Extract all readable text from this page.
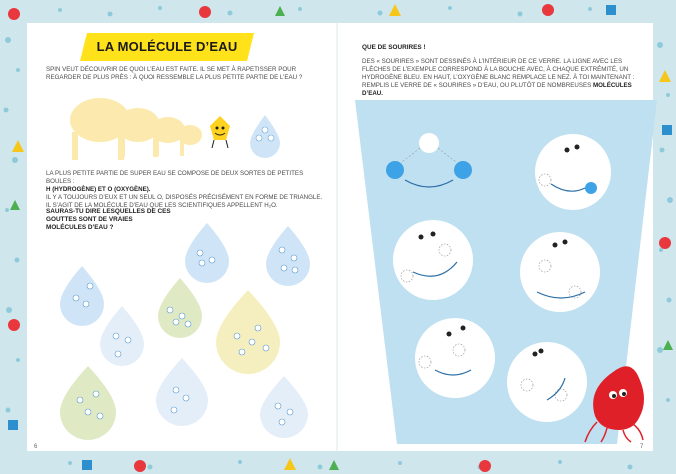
LA MOLÉCULE D’EAU
SPIN VEUT DÉCOUVRIR DE QUOI L’EAU EST FAITE. IL SE MET À RAPETISSER POUR REGARDER DE PLUS PRÈS : À QUOI RESSEMBLE LA PLUS PETITE PARTIE DE L’EAU ?
LA PLUS PETITE PARTIE DE SUPER EAU SE COMPOSE DE DEUX SORTES DE PETITES BOULES :
H (HYDROGÈNE) ET O (OXYGÈNE).
IL Y A TOUJOURS D’EUX ET UN SEUL O, DISPOSÉS PRÉCISÉMENT EN FORME DE TRIANGLE.
IL S’AGIT DE LA MOLÉCULE D’EAU QUE LES SCIENTIFIQUES APPELLENT H₂O.
SAURAS-TU DIRE LESQUELLES DE CES GOUTTES SONT DE VRAIES MOLÉCULES D’EAU ?
6
QUE DE SOURIRES !
DES « SOURIRES » SONT DESSINÉS À L’INTÉRIEUR DE CE VERRE. LA LIGNE AVEC LES FLÈCHES DE L’EXEMPLE CORRESPOND À LA BOUCHE AVEC, À CHAQUE EXTRÉMITÉ, UN HYDROGÈNE BLEU. EN HAUT, L’OXYGÈNE BLANC REMPLACE LE NEZ. À TOI MAINTENANT : REMPLIS LE VERRE DE « SOURIRES » D’EAU, OU PLUTÔT DE NOMBREUSES MOLÉCULES D’EAU.
7
